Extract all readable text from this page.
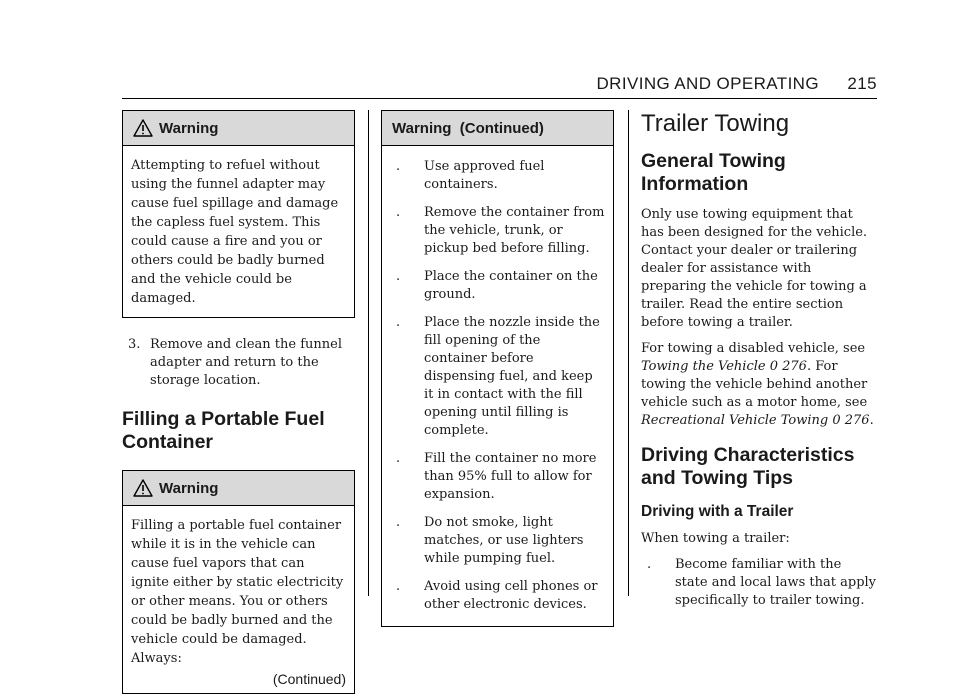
DRIVING AND OPERATING 215
Warning
Attempting to refuel without using the funnel adapter may cause fuel spillage and damage the capless fuel system. This could cause a fire and you or others could be badly burned and the vehicle could be damaged.
3. Remove and clean the funnel adapter and return to the storage location.
Filling a Portable Fuel Container
Warning
Filling a portable fuel container while it is in the vehicle can cause fuel vapors that can ignite either by static electricity or other means. You or others could be badly burned and the vehicle could be damaged. Always:
(Continued)
Warning  (Continued)
.	Use approved fuel containers.
.	Remove the container from the vehicle, trunk, or pickup bed before filling.
.	Place the container on the ground.
.	Place the nozzle inside the fill opening of the container before dispensing fuel, and keep it in contact with the fill opening until filling is complete.
.	Fill the container no more than 95% full to allow for expansion.
.	Do not smoke, light matches, or use lighters while pumping fuel.
.	Avoid using cell phones or other electronic devices.
Trailer Towing
General Towing Information

Only use towing equipment that has been designed for the vehicle. Contact your dealer or trailering dealer for assistance with preparing the vehicle for towing a trailer. Read the entire section before towing a trailer.

For towing a disabled vehicle, see Towing the Vehicle 0 276. For towing the vehicle behind another vehicle such as a motor home, see Recreational Vehicle Towing 0 276.

Driving Characteristics and Towing Tips
Driving with a Trailer

When towing a trailer:

.	Become familiar with the state and local laws that apply specifically to trailer towing.
